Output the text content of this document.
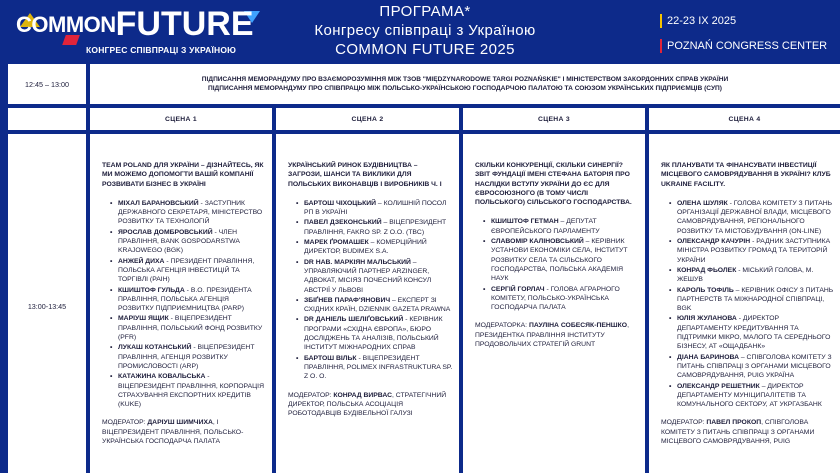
COMMONFUTURE
КОНГРЕС СПІВПРАЦІ З УКРАЇНОЮ
ПРОГРАМА*
Конгресу співпраці з Україною
COMMON FUTURE 2025
22-23 IX 2025
POZNAŃ CONGRESS CENTER
12:45 – 13:00
ПІДПИСАННЯ МЕМОРАНДУМУ ПРО ВЗАЄМОРОЗУМІННЯ МІЖ ТЗОВ "MIĘDZYNARODOWE TARGI POZNAŃSKIE" І МІНІСТЕРСТВОМ ЗАКОРДОННИХ СПРАВ УКРАЇНИ
ПІДПИСАННЯ МЕМОРАНДУМУ ПРО СПІВПРАЦЮ МІЖ ПОЛЬСЬКО-УКРАЇНСЬКОЮ ГОСПОДАРЧОЮ ПАЛАТОЮ ТА СОЮЗОМ УКРАЇНСЬКИХ ПІДПРИЄМЦІВ (СУП)
СЦЕНА 1	СЦЕНА 2	СЦЕНА 3	СЦЕНА 4
13:00-13:45
TEAM POLAND ДЛЯ УКРАЇНИ – ДІЗНАЙТЕСЬ, ЯК МИ МОЖЕМО ДОПОМОГТИ ВАШІЙ КОМПАНІЇ РОЗВИВАТИ БІЗНЕС В УКРАЇНІ
• МІХАЛ БАРАНОВСЬКИЙ - ЗАСТУПНИК ДЕРЖАВНОГО СЕКРЕТАРЯ, МІНІСТЕРСТВО РОЗВИТКУ ТА ТЕХНОЛОГІЙ
• ЯРОСЛАВ ДОМБРОВСЬКИЙ - ЧЛЕН ПРАВЛІННЯ, BANK GOSPODARSTWA KRAJOWEGO (BGK)
• АНЖЕЙ ДИХА - ПРЕЗИДЕНТ ПРАВЛІННЯ, ПОЛЬСЬКА АГЕНЦІЯ ІНВЕСТИЦІЙ ТА ТОРГІВЛІ (PAIH)
• КШИШТОФ ГУЛЬДА - В.О. ПРЕЗИДЕНТА ПРАВЛІННЯ, ПОЛЬСЬКА АГЕНЦІЯ РОЗВИТКУ ПІДПРИЄМНИЦТВА (PARP)
• МАРІУШ ЯЩИК - ВІЦЕПРЕЗИДЕНТ ПРАВЛІННЯ, ПОЛЬСЬКИЙ ФОНД РОЗВИТКУ (PFR)
• ЛУКАШ КОТАНСЬКИЙ - ВІЦЕПРЕЗИДЕНТ ПРАВЛІННЯ, АГЕНЦІЯ РОЗВИТКУ ПРОМИСЛОВОСТІ (ARP)
• КАТАЖИНА КОВАЛЬСЬКА - ВІЦЕПРЕЗИДЕНТ ПРАВЛІННЯ, КОРПОРАЦІЯ СТРАХУВАННЯ ЕКСПОРТНИХ КРЕДИТІВ (KUKE)
МОДЕРАТОР: ДАРІУШ ШИМЧИХА, І ВІЦЕПРЕЗИДЕНТ ПРАВЛІННЯ, ПОЛЬСЬКО-УКРАЇНСЬКА ГОСПОДАРЧА ПАЛАТА
УКРАЇНСЬКИЙ РИНОК БУДІВНИЦТВА – ЗАГРОЗИ, ШАНСИ ТА ВИКЛИКИ ДЛЯ ПОЛЬСЬКИХ ВИКОНАВЦІВ І ВИРОБНИКІВ Ч. I
• БАРТОШ ЧІХОЦЬКИЙ – КОЛИШНІЙ ПОСОЛ РП В УКРАЇНІ
• ПАВЕЛ ДЗЕКОНСЬКИЙ – ВІЦЕПРЕЗИДЕНТ ПРАВЛІННЯ, FAKRO SP. Z O.O. (TBC)
• МАРЕК ҐРОМАШЕК – КОМЕРЦІЙНИЙ ДИРЕКТОР, BUDIMEX S.A.
• DR HAB. МАРКІЯН МАЛЬСЬКИЙ – УПРАВЛЯЮЧИЙ ПАРТНЕР ARZINGER, АДВОКАТ, МІСІЯЗ ПОЧЕСНИЙ КОНСУЛ АВСТРІЇ У ЛЬВОВІ
• ЗБІҐНЕВ ПАРАФ'ЯНОВИЧ – ЕКСПЕРТ ЗІ СХІДНИХ КРАЇН, DZIENNIK GAZETA PRAWNA
• DR ДАНІЕЛЬ ШЕЛІҐОВСЬКИЙ - КЕРІВНИК ПРОГРАМИ «СХІДНА ЄВРОПА», БЮРО ДОСЛІДЖЕНЬ ТА АНАЛІЗІВ, ПОЛЬСЬКИЙ ІНСТИТУТ МІЖНАРОДНИХ СПРАВ
• БАРТОШ ВІЛЬК - ВІЦЕПРЕЗИДЕНТ ПРАВЛІННЯ, POLIMEX INFRASTRUKTURA SP. Z O. O.
МОДЕРАТОР: КОНРАД ВИРВАС, СТРАТЕГІЧНИЙ ДИРЕКТОР, ПОЛЬСЬКА АСОЦІАЦІЯ РОБОТОДАВЦІВ БУДІВЕЛЬНОЇ ГАЛУЗІ
СКІЛЬКИ КОНКУРЕНЦІЇ, СКІЛЬКИ СИНЕРГІЇ? ЗВІТ ФУНДАЦІЇ ІМЕНІ СТЕФАНА БАТОРІЯ ПРО НАСЛІДКИ ВСТУПУ УКРАЇНИ ДО ЄС ДЛЯ ЄВРОСОЮЗНОГО (В ТОМУ ЧИСЛІ ПОЛЬСЬКОГО) СІЛЬСЬКОГО ГОСПОДАРСТВА.
• КШИШТОФ ГЕТМАН – ДЕПУТАТ ЄВРОПЕЙСЬКОГО ПАРЛАМЕНТУ
• СЛАВОМІР КАЛІНОВСЬКИЙ – КЕРІВНИК УСТАНОВИ ЕКОНОМІКИ СЕЛА, ІНСТИТУТ РОЗВИТКУ СЕЛА ТА СІЛЬСЬКОГО ГОСПОДАРСТВА, ПОЛЬСЬКА АКАДЕМІЯ НАУК
• СЕРГІЙ ГОРЛАЧ - ГОЛОВА АГРАРНОГО КОМІТЕТУ, ПОЛЬСЬКО-УКРАЇНСЬКА ГОСПОДАРЧА ПАЛАТА
МОДЕРАТОРКА: ПАУЛІНА СОБЕСЯК-ПЕНШКО, ПРЕЗИДЕНТКА ПРАВЛІННЯ ІНСТИТУТУ ПРОДОВОЛЬЧИХ СТРАТЕГІЙ GRUNT
ЯК ПЛАНУВАТИ ТА ФІНАНСУВАТИ ІНВЕСТИЦІЇ МІСЦЕВОГО САМОВРЯДУВАННЯ В УКРАЇНІ? КЛУБ UKRAINE FACILITY.
• ОЛЕНА ШУЛЯК - ГОЛОВА КОМІТЕТУ З ПИТАНЬ ОРГАНІЗАЦІЇ ДЕРЖАВНОЇ ВЛАДИ, МІСЦЕВОГО САМОВРЯДУВАННЯ, РЕГІОНАЛЬНОГО РОЗВИТКУ ТА МІСТОБУДУВАННЯ (ON-LINE)
• ОЛЕКСАНДР КАЧУРІН - РАДНИК ЗАСТУПНИКА МІНІСТРА РОЗВИТКУ ГРОМАД ТА ТЕРИТОРІЙ УКРАЇНИ
• КОНРАД ФЬОЛЕК - МІСЬКИЙ ГОЛОВА, М. ЖЕШУВ
• КАРОЛЬ ТОФІЛЬ – КЕРІВНИК ОФІСУ З ПИТАНЬ ПАРТНЕРСТВ ТА МІЖНАРОДНОЇ СПІВПРАЦІ, BGK
• ЮЛІЯ ЖУЛАНОВА - ДИРЕКТОР ДЕПАРТАМЕНТУ КРЕДИТУВАННЯ ТА ПІДТРИМКИ МІКРО, МАЛОГО ТА СЕРЕДНЬОГО БІЗНЕСУ, АТ «ОЩАДБАНК»
• ДІАНА БАРИНОВА – СПІВГОЛОВА КОМІТЕТУ З ПИТАНЬ СПІВПРАЦІ З ОРГАНАМИ МІСЦЕВОГО САМОВРЯДУВАННЯ, PUIG УКРАЇНА
• ОЛЕКСАНДР РЕШЕТНИК – ДИРЕКТОР ДЕПАРТАМЕНТУ МУНІЦИПАЛІТЕТІВ ТА КОМУНАЛЬНОГО СЕКТОРУ, АТ УКРГАЗБАНК
МОДЕРАТОР: ПАВЕЛ ПРОКОП, СПІВГОЛОВА КОМІТЕТУ З ПИТАНЬ СПІВПРАЦІ З ОРГАНАМИ МІСЦЕВОГО САМОВРЯДУВАННЯ, PUIG
